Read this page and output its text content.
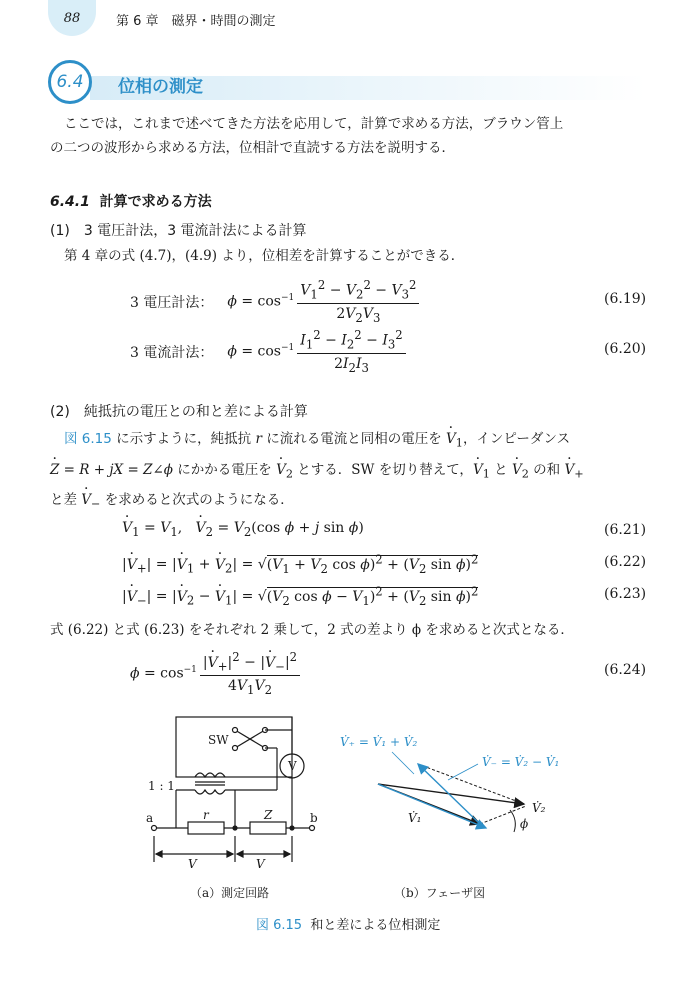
88	第 6 章　磁界・時間の測定
6.4	位相の測定
ここでは，これまで述べてきた方法を応用して，計算で求める方法，ブラウン管上
の二つの波形から求める方法，位相計で直読する方法を説明する．
6.4.1 計算で求める方法
(1)　3 電圧計法，3 電流計法による計算
第 4 章の式 (4.7)，(4.9) より，位相差を計算することができる．
3 電圧計法： $\phi = \cos^{-1} \frac{V_1^2 - V_2^2 - V_3^2}{2V_2V_3}$	(6.19)
3 電流計法： $\phi = \cos^{-1} \frac{I_1^2 - I_2^2 - I_3^2}{2I_2I_3}$	(6.20)
(2)　純抵抗の電圧との和と差による計算
図 6.15 に示すように，純抵抗 r に流れる電流と同相の電圧を · $V_1$，インピーダンス
· Z = R + jX = Z∠ϕ にかかる電圧を · $V_2$ とする．SW を切り替えて，· $V_1$ と · $V_2$ の和 · $V_+$
と差 · $V_-$ を求めると次式のようになる．
· $V_1 = V_1$,   · $V_2 = V_2(\cos$ ϕ + j sin ϕ)	(6.21)
|· $V_+|$ = |· $V_1$ + · $V_2| = √(V_1 + V_2$ $\cos \phi)^2 + (V_2$ sin ϕ)$^2$	(6.22)
|· $V_-|$ = |· $V_2$ − · $V_1| = √(V_2$ $\cos \phi - V_1)^2 + (V_2$ sin ϕ)$^2$	(6.23)
式 (6.22) と式 (6.23) をそれぞれ 2 乗して，2 式の差より ϕ を求めると次式となる．
$\phi = \cos^{-1} \frac{|\cdot V_+|^2 - |\cdot V_-|^2}{4V_1V_2}$	(6.24)
SW
1 : 1
a	b
r	Z
V
V	V
V̇₊ = V̇₁ + V̇₂
V̇₋ = V̇₂ − V̇₁
V̇₁
V̇₂
ϕ
（a）測定回路	（b）フェーザ図
図 6.15 和と差による位相測定
